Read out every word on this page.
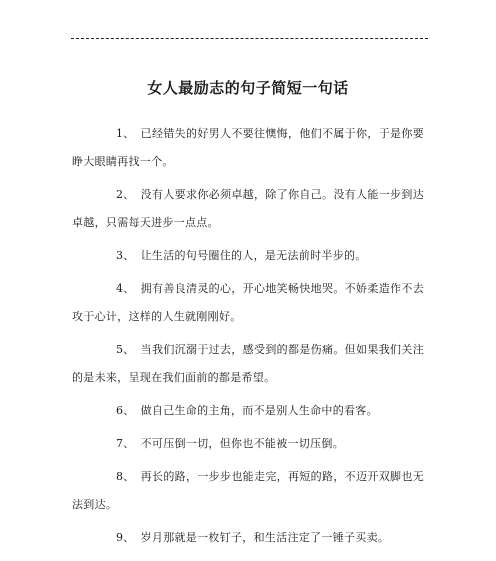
女人最励志的句子简短一句话

1、 已经错失的好男人不要往懊悔，他们不属于你，于是你要睁大眼睛再找一个。

2、 没有人要求你必须卓越，除了你自己。没有人能一步到达卓越，只需每天进步一点点。

3、 让生活的句号圈住的人，是无法前时半步的。

4、 拥有善良清灵的心，开心地笑畅快地哭。不娇柔造作不去攻于心计，这样的人生就刚刚好。

5、 当我们沉溺于过去，感受到的都是伤痛。但如果我们关注的是未来，呈现在我们面前的都是希望。

6、 做自己生命的主角，而不是别人生命中的看客。

7、 不可压倒一切，但你也不能被一切压倒。

8、 再长的路，一步步也能走完，再短的路，不迈开双脚也无法到达。

9、 岁月那就是一枚钉子，和生活注定了一锤子买卖。
